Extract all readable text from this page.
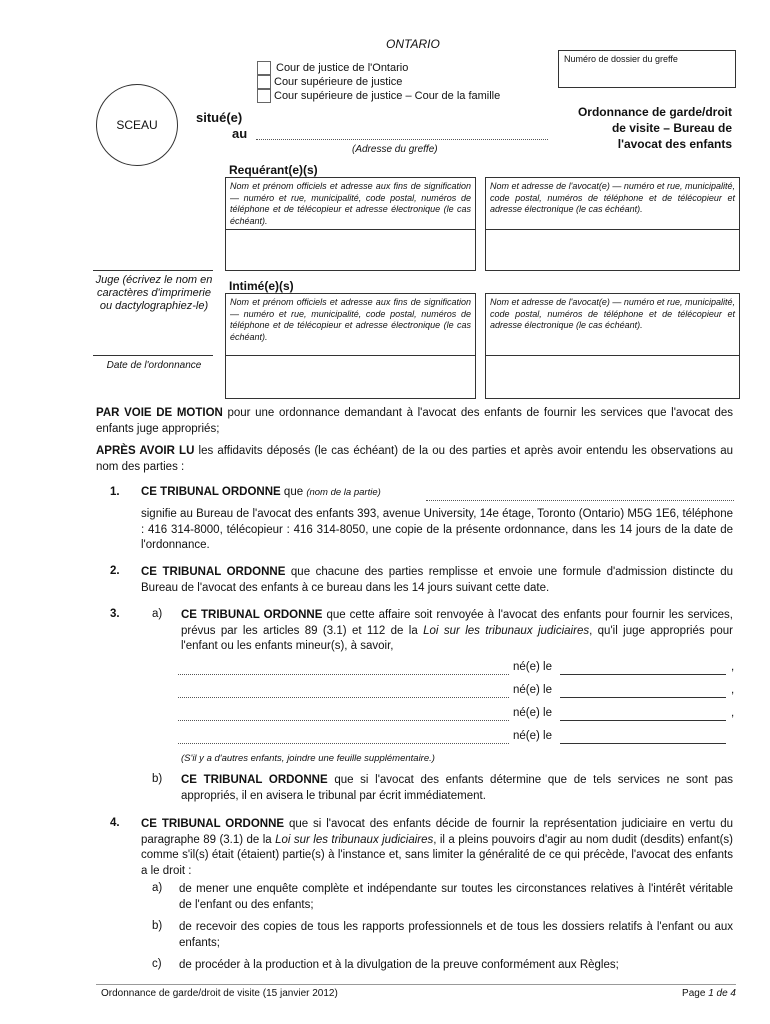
ONTARIO
Numéro de dossier du greffe
Cour de justice de l'Ontario
Cour supérieure de justice
Cour supérieure de justice – Cour de la famille
SCEAU	situé(e)
au
(Adresse du greffe)
Ordonnance de garde/droit
de visite – Bureau de
l'avocat des enfants
Requérant(e)(s)
Nom et prénom officiels et adresse aux fins de signification — numéro et rue, municipalité, code postal, numéros de téléphone et de télécopieur et adresse électronique (le cas échéant).
Nom et adresse de l'avocat(e) — numéro et rue, municipalité, code postal, numéros de téléphone et de télécopieur et adresse électronique (le cas échéant).
Intimé(e)(s)
Nom et prénom officiels et adresse aux fins de signification — numéro et rue, municipalité, code postal, numéros de téléphone et de télécopieur et adresse électronique (le cas échéant).
Nom et adresse de l'avocat(e) — numéro et rue, municipalité, code postal, numéros de téléphone et de télécopieur et adresse électronique (le cas échéant).
Juge (écrivez le nom en caractères d'imprimerie ou dactylographiez-le)
Date de l'ordonnance
PAR VOIE DE MOTION pour une ordonnance demandant à l'avocat des enfants de fournir les services que l'avocat des enfants juge appropriés;
APRÈS AVOIR LU les affidavits déposés (le cas échéant) de la ou des parties et après avoir entendu les observations au nom des parties :
1. CE TRIBUNAL ORDONNE que (nom de la partie)
signifie au Bureau de l'avocat des enfants 393, avenue University, 14e étage, Toronto (Ontario) M5G 1E6, téléphone : 416 314-8000, télécopieur : 416 314-8050, une copie de la présente ordonnance, dans les 14 jours de la date de l'ordonnance.
2. CE TRIBUNAL ORDONNE que chacune des parties remplisse et envoie une formule d'admission distincte du Bureau de l'avocat des enfants à ce bureau dans les 14 jours suivant cette date.
3.	a) CE TRIBUNAL ORDONNE que cette affaire soit renvoyée à l'avocat des enfants pour fournir les services, prévus par les articles 89 (3.1) et 112 de la Loi sur les tribunaux judiciaires, qu'il juge appropriés pour l'enfant ou les enfants mineur(s), à savoir,
né(e) le	,
né(e) le	,
né(e) le	,
né(e) le
(S'il y a d'autres enfants, joindre une feuille supplémentaire.)
b) CE TRIBUNAL ORDONNE que si l'avocat des enfants détermine que de tels services ne sont pas appropriés, il en avisera le tribunal par écrit immédiatement.
4. CE TRIBUNAL ORDONNE que si l'avocat des enfants décide de fournir la représentation judiciaire en vertu du paragraphe 89 (3.1) de la Loi sur les tribunaux judiciaires, il a pleins pouvoirs d'agir au nom dudit (desdits) enfant(s) comme s'il(s) était (étaient) partie(s) à l'instance et, sans limiter la généralité de ce qui précède, l'avocat des enfants a le droit :
a) de mener une enquête complète et indépendante sur toutes les circonstances relatives à l'intérêt véritable de l'enfant ou des enfants;
b) de recevoir des copies de tous les rapports professionnels et de tous les dossiers relatifs à l'enfant ou aux enfants;
c) de procéder à la production et à la divulgation de la preuve conformément aux Règles;
Ordonnance de garde/droit de visite (15 janvier 2012)	Page 1 de 4
